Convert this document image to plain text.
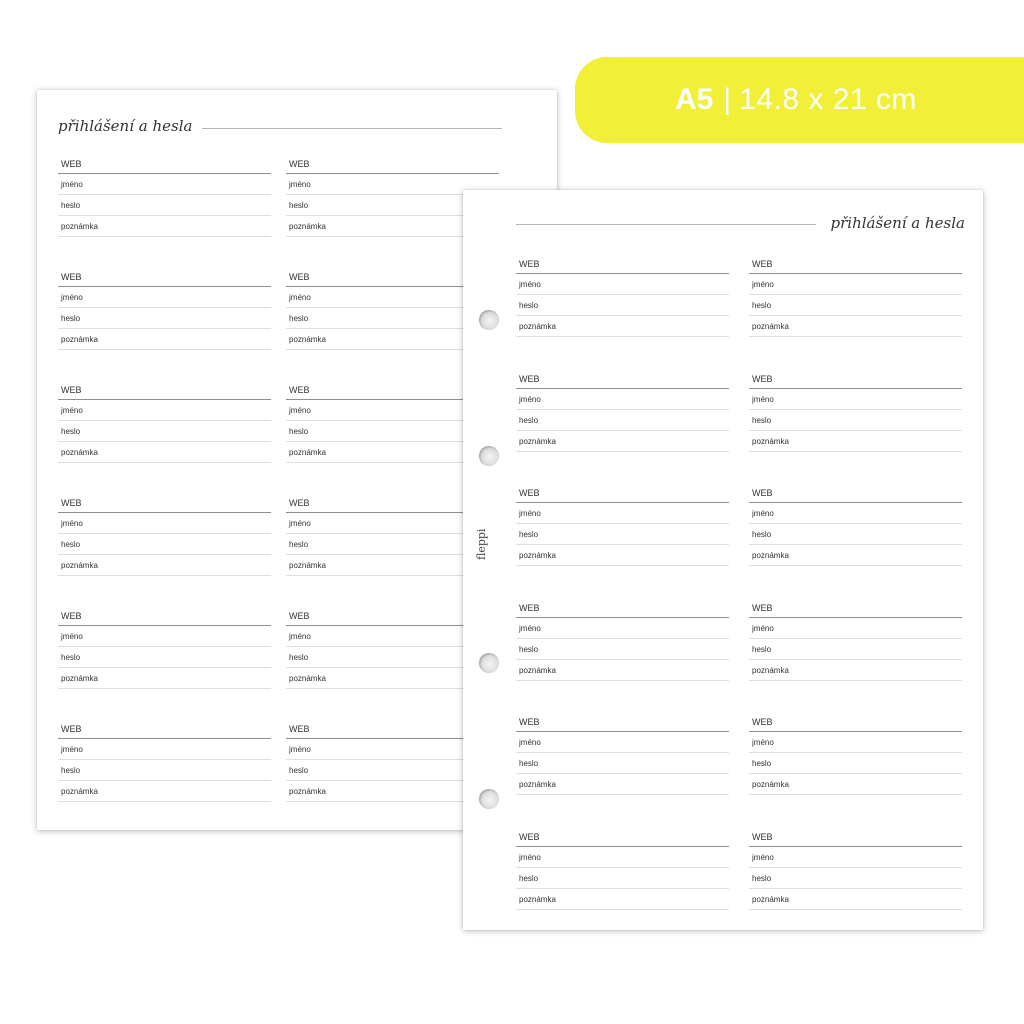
A5 | 14.8 x 21 cm
přihlášení a hesla
WEB
jméno
heslo
poznámka
WEB
jméno
heslo
poznámka
WEB
jméno
heslo
poznámka
WEB
jméno
heslo
poznámka
WEB
jméno
heslo
poznámka
WEB
jméno
heslo
poznámka
WEB
jméno
heslo
poznámka
WEB
jméno
heslo
poznámka
WEB
jméno
heslo
poznámka
WEB
jméno
heslo
poznámka
WEB
jméno
heslo
poznámka
WEB
jméno
heslo
poznámka
přihlášení a hesla
fleppi
WEB
jméno
heslo
poznámka
WEB
jméno
heslo
poznámka
WEB
jméno
heslo
poznámka
WEB
jméno
heslo
poznámka
WEB
jméno
heslo
poznámka
WEB
jméno
heslo
poznámka
WEB
jméno
heslo
poznámka
WEB
jméno
heslo
poznámka
WEB
jméno
heslo
poznámka
WEB
jméno
heslo
poznámka
WEB
jméno
heslo
poznámka
WEB
jméno
heslo
poznámka
